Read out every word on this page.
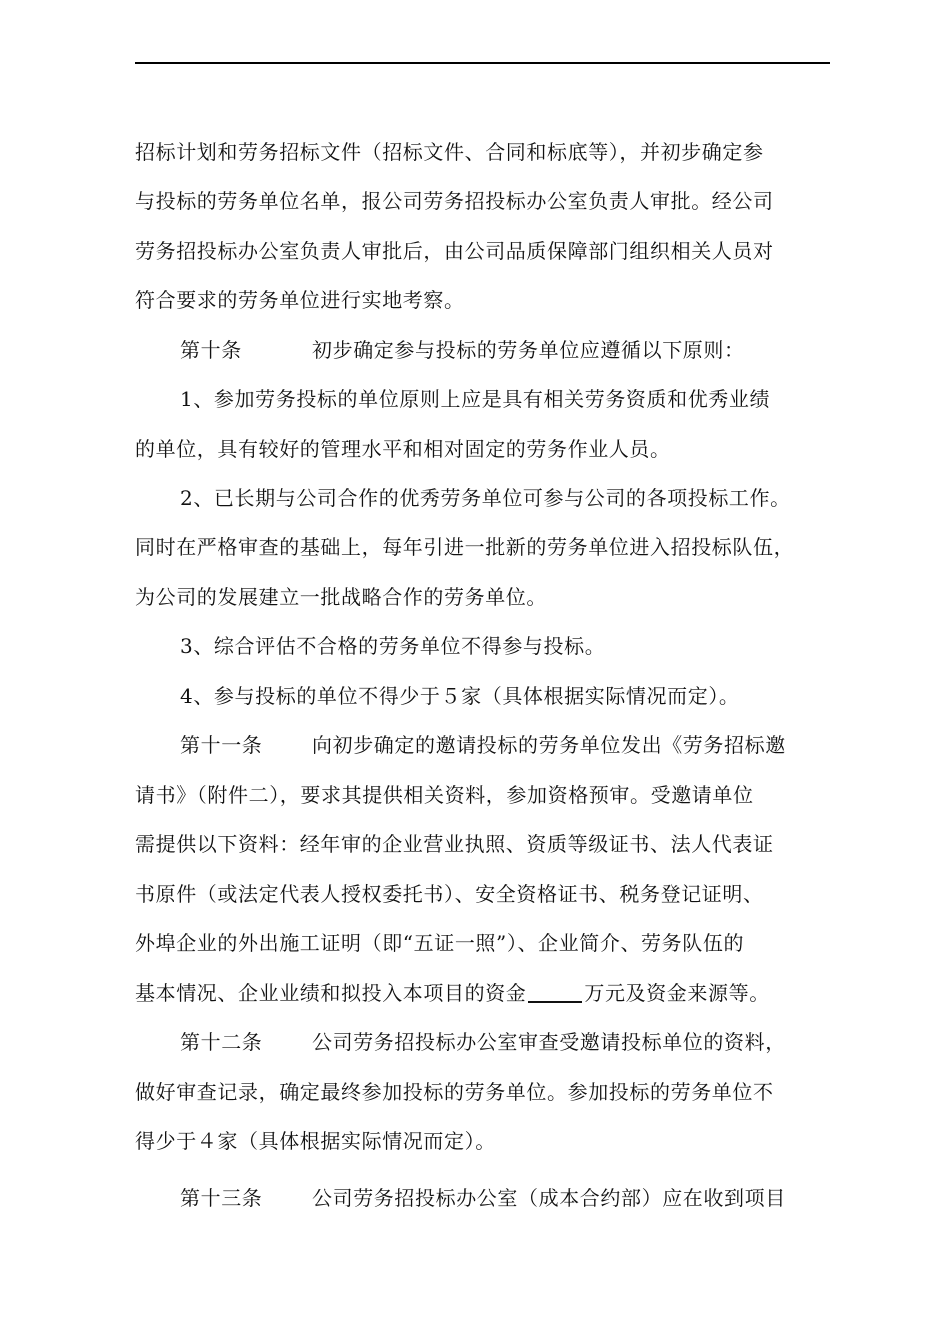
招标计划和劳务招标文件（招标文件、合同和标底等），并初步确定参
与投标的劳务单位名单，报公司劳务招投标办公室负责人审批。经公司
劳务招投标办公室负责人审批后，由公司品质保障部门组织相关人员对
符合要求的劳务单位进行实地考察。
第十条	初步确定参与投标的劳务单位应遵循以下原则：
1、参加劳务投标的单位原则上应是具有相关劳务资质和优秀业绩
的单位，具有较好的管理水平和相对固定的劳务作业人员。
2、已长期与公司合作的优秀劳务单位可参与公司的各项投标工作。
同时在严格审查的基础上，每年引进一批新的劳务单位进入招投标队伍，
为公司的发展建立一批战略合作的劳务单位。
3、综合评估不合格的劳务单位不得参与投标。
4、参与投标的单位不得少于５家（具体根据实际情况而定）。
第十一条 向初步确定的邀请投标的劳务单位发出《劳务招标邀
请书》（附件二），要求其提供相关资料，参加资格预审。受邀请单位
需提供以下资料：经年审的企业营业执照、资质等级证书、法人代表证
书原件（或法定代表人授权委托书）、安全资格证书、税务登记证明、
外埠企业的外出施工证明（即“五证一照”）、企业简介、劳务队伍的
基本情况、企业业绩和拟投入本项目的资金	万元及资金来源等。
第十二条 公司劳务招投标办公室审查受邀请投标单位的资料，
做好审查记录，确定最终参加投标的劳务单位。参加投标的劳务单位不
得少于４家（具体根据实际情况而定）。
第十三条 公司劳务招投标办公室（成本合约部）应在收到项目
